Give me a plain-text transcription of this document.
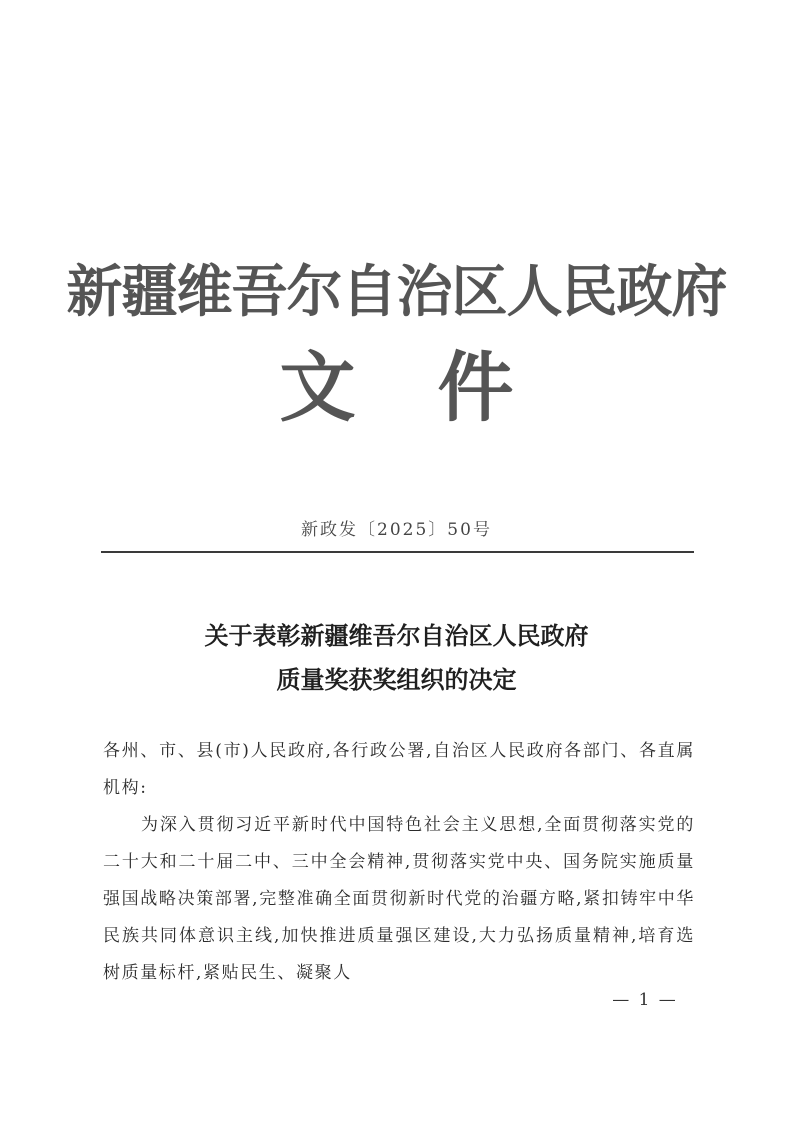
新疆维吾尔自治区人民政府
文件
新政发〔2025〕50号
关于表彰新疆维吾尔自治区人民政府
质量奖获奖组织的决定

各州、市、县(市)人民政府,各行政公署,自治区人民政府各部门、各直属机构:

为深入贯彻习近平新时代中国特色社会主义思想,全面贯彻落实党的二十大和二十届二中、三中全会精神,贯彻落实党中央、国务院实施质量强国战略决策部署,完整准确全面贯彻新时代党的治疆方略,紧扣铸牢中华民族共同体意识主线,加快推进质量强区建设,大力弘扬质量精神,培育选树质量标杆,紧贴民生、凝聚人

— 1 —
